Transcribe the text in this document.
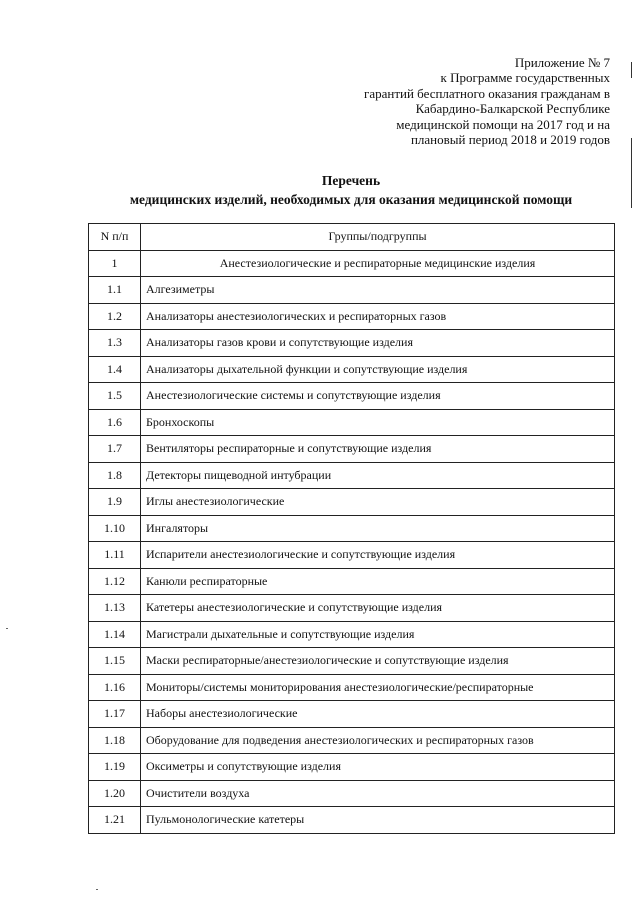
Приложение № 7
к Программе государственных
гарантий бесплатного оказания гражданам в
Кабардино-Балкарской Республике
медицинской помощи на 2017 год и на
плановый период 2018 и 2019 годов
Перечень
медицинских изделий, необходимых для оказания медицинской помощи
N п/п	Группы/подгруппы
1	Анестезиологические и респираторные медицинские изделия
1.1	Алгезиметры
1.2	Анализаторы анестезиологических и респираторных газов
1.3	Анализаторы газов крови и сопутствующие изделия
1.4	Анализаторы дыхательной функции и сопутствующие изделия
1.5	Анестезиологические системы и сопутствующие изделия
1.6	Бронхоскопы
1.7	Вентиляторы респираторные и сопутствующие изделия
1.8	Детекторы пищеводной интубрации
1.9	Иглы анестезиологические
1.10	Ингаляторы
1.11	Испарители анестезиологические и сопутствующие изделия
1.12	Канюли респираторные
1.13	Катетеры анестезиологические и сопутствующие изделия
1.14	Магистрали дыхательные и сопутствующие изделия
1.15	Маски респираторные/анестезиологические и сопутствующие изделия
1.16	Мониторы/системы мониторирования анестезиологические/респираторные
1.17	Наборы анестезиологические
1.18	Оборудование для подведения анестезиологических и респираторных газов
1.19	Оксиметры и сопутствующие изделия
1.20	Очистители воздуха
1.21	Пульмонологические катетеры
